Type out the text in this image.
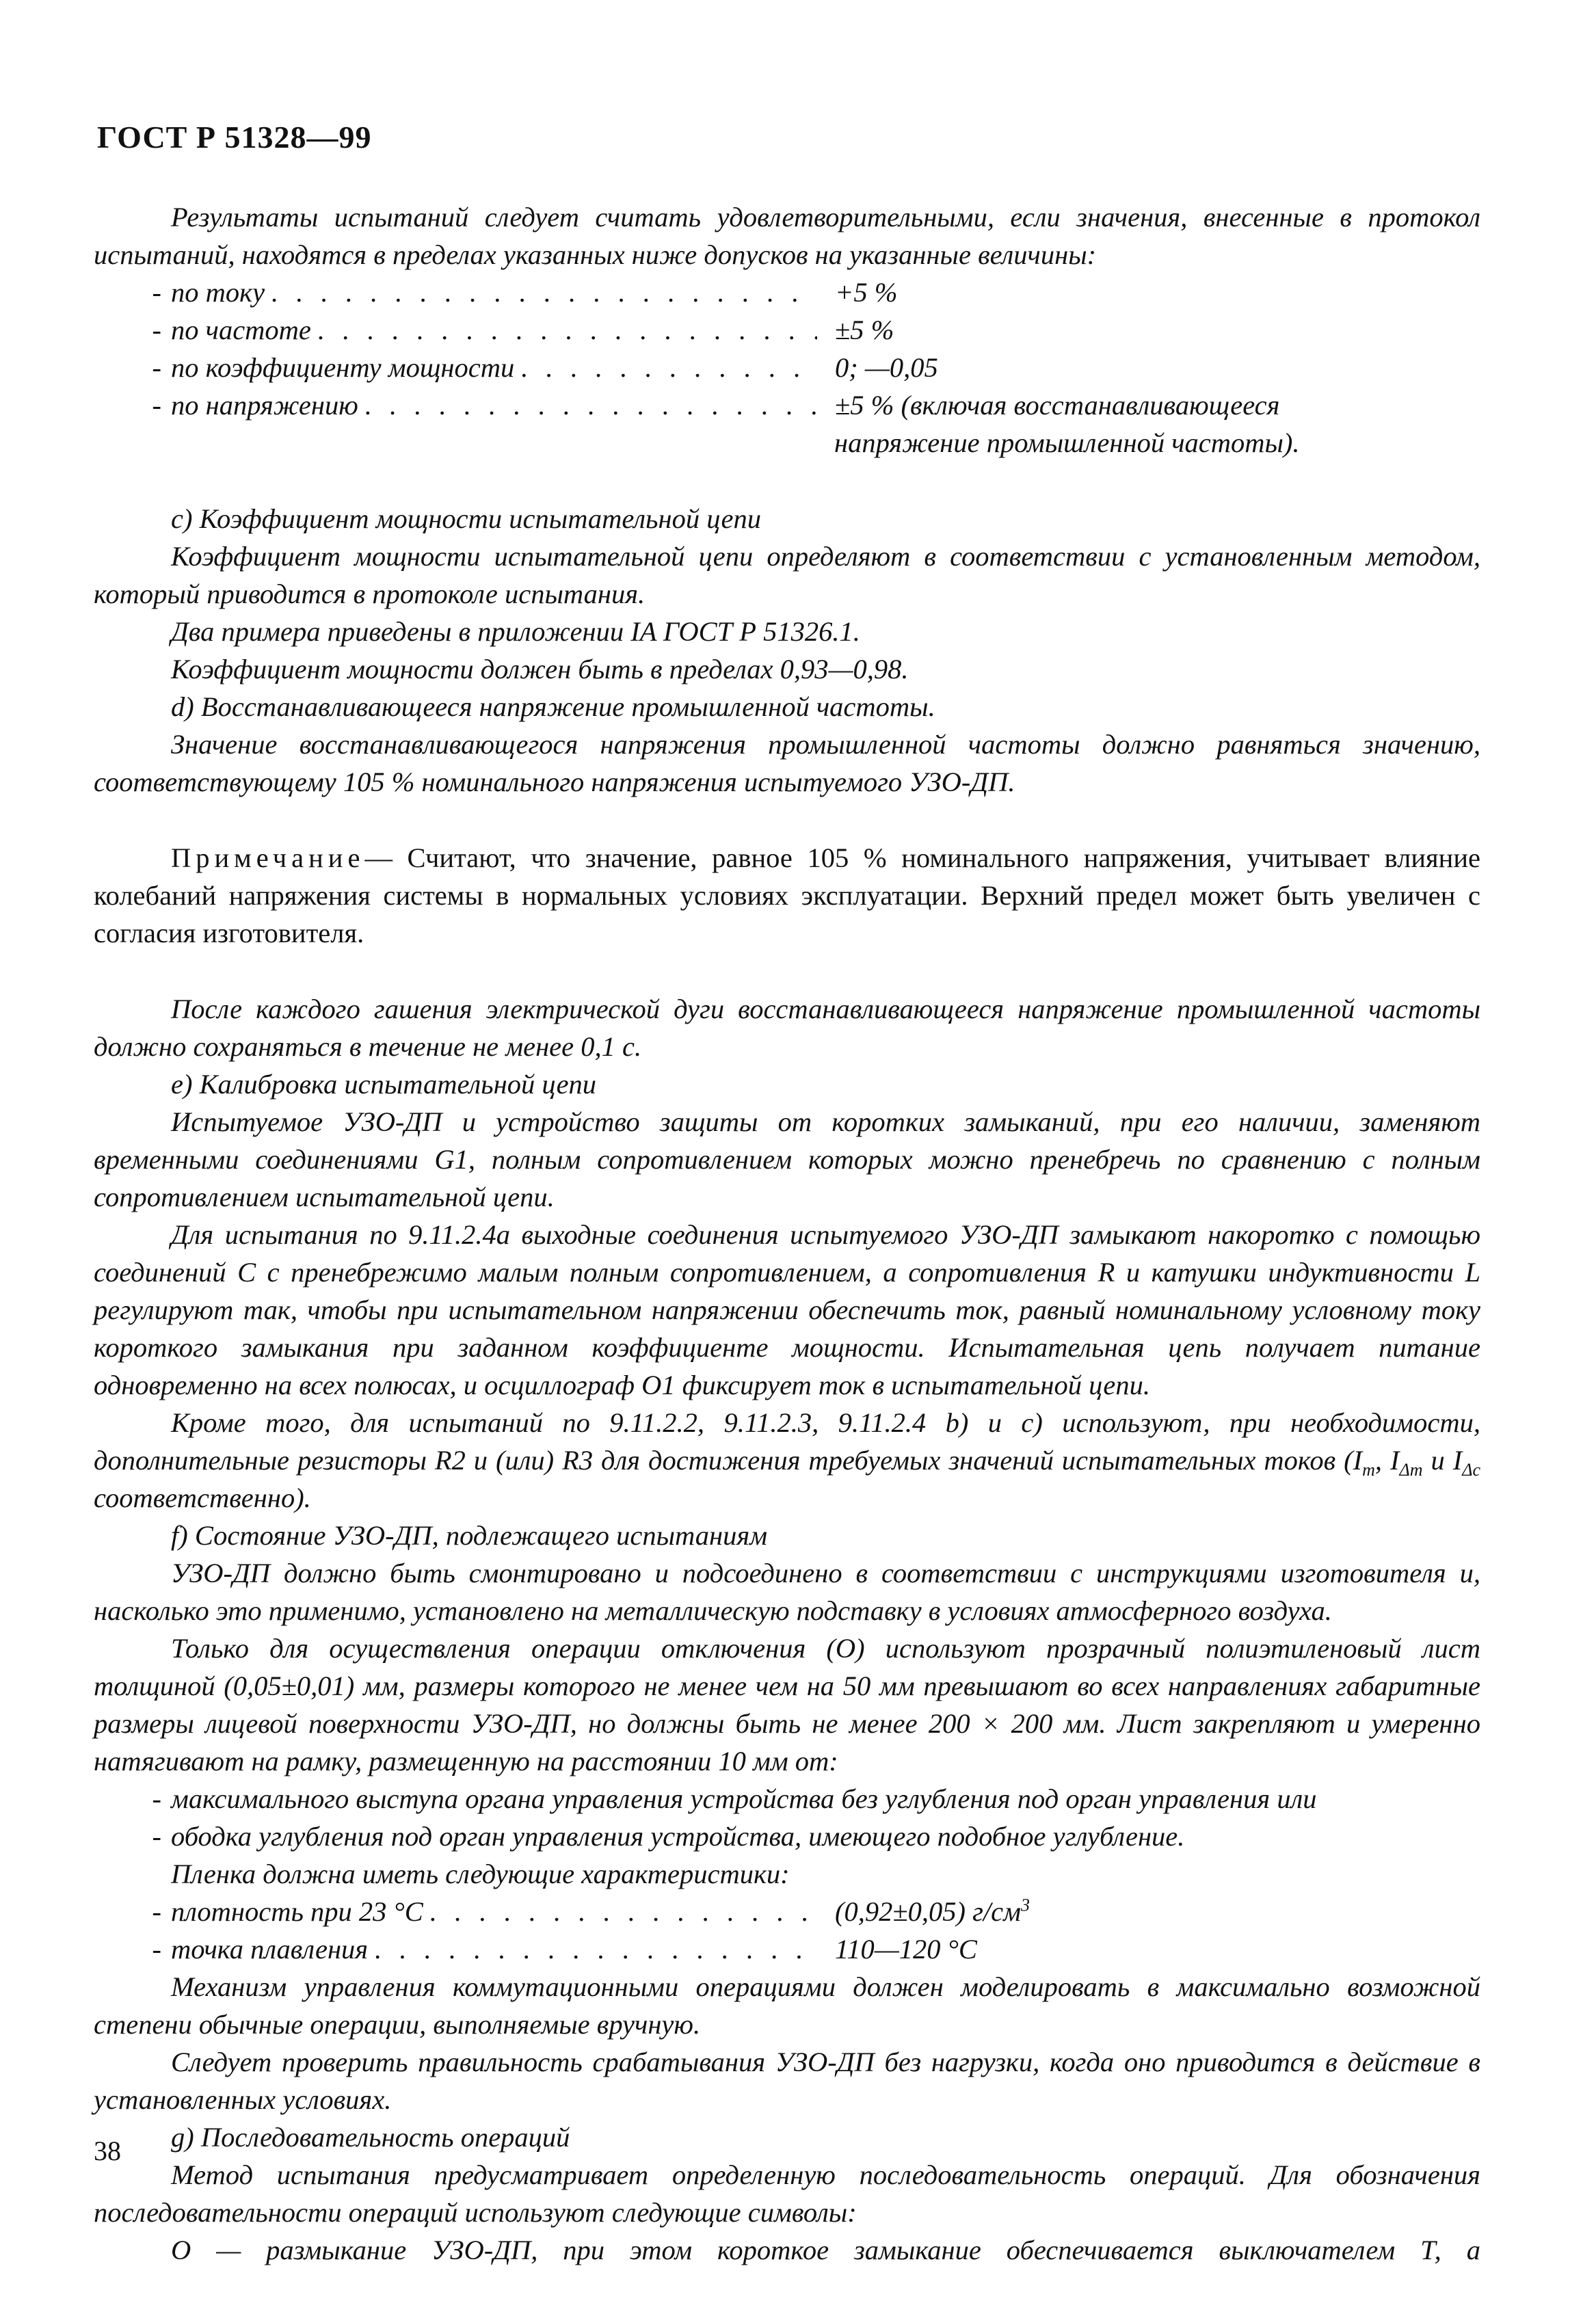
ГОСТ Р 51328—99

Результаты испытаний следует считать удовлетворительными, если значения, внесенные в протокол испытаний, находятся в пределах указанных ниже допусков на указанные величины:

- по току . . .	+5 %
- по частоте . . .	±5 %
- по коэффициенту мощности . . .	0; —0,05
- по напряжению . . .	±5 % (включая восстанавливающееся
напряжение промышленной частоты).

с) Коэффициент мощности испытательной цепи

Коэффициент мощности испытательной цепи определяют в соответствии с установленным методом, который приводится в протоколе испытания.

Два примера приведены в приложении IA ГОСТ Р 51326.1.

Коэффициент мощности должен быть в пределах 0,93—0,98.

d) Восстанавливающееся напряжение промышленной частоты.

Значение восстанавливающегося напряжения промышленной частоты должно равняться значению, соответствующему 105 % номинального напряжения испытуемого УЗО-ДП.

Примечание— Считают, что значение, равное 105 % номинального напряжения, учитывает влияние колебаний напряжения системы в нормальных условиях эксплуатации. Верхний предел может быть увеличен с согласия изготовителя.

После каждого гашения электрической дуги восстанавливающееся напряжение промышленной частоты должно сохраняться в течение не менее 0,1 с.

е) Калибровка испытательной цепи

Испытуемое УЗО-ДП и устройство защиты от коротких замыканий, при его наличии, заменяют временными соединениями G1, полным сопротивлением которых можно пренебречь по сравнению с полным сопротивлением испытательной цепи.

Для испытания по 9.11.2.4а выходные соединения испытуемого УЗО-ДП замыкают накоротко с помощью соединений С с пренебрежимо малым полным сопротивлением, а сопротивления R и катушки индуктивности L регулируют так, чтобы при испытательном напряжении обеспечить ток, равный номинальному условному току короткого замыкания при заданном коэффициенте мощности. Испытательная цепь получает питание одновременно на всех полюсах, и осциллограф О1 фиксирует ток в испытательной цепи.

Кроме того, для испытаний по 9.11.2.2, 9.11.2.3, 9.11.2.4 b) и с) используют, при необходимости, дополнительные резисторы R2 и (или) R3 для достижения требуемых значений испытательных токов ($I_m$, $I_{\Delta m}$ и $I_{\Delta с}$ соответственно).

f) Состояние УЗО-ДП, подлежащего испытаниям

УЗО-ДП должно быть смонтировано и подсоединено в соответствии с инструкциями изготовителя и, насколько это применимо, установлено на металлическую подставку в условиях атмосферного воздуха.

Только для осуществления операции отключения (О) используют прозрачный полиэтиленовый лист толщиной (0,05±0,01) мм, размеры которого не менее чем на 50 мм превышают во всех направлениях габаритные размеры лицевой поверхности УЗО-ДП, но должны быть не менее 200 × 200 мм. Лист закрепляют и умеренно натягивают на рамку, размещенную на расстоянии 10 мм от:

- максимального выступа органа управления устройства без углубления под орган управления или
- ободка углубления под орган управления устройства, имеющего подобное углубление.

Пленка должна иметь следующие характеристики:

- плотность при 23 °С . . .	(0,92±0,05) $г/см^3$
- точка плавления . . .	110—120 °С

Механизм управления коммутационными операциями должен моделировать в максимально возможной степени обычные операции, выполняемые вручную.

Следует проверить правильность срабатывания УЗО-ДП без нагрузки, когда оно приводится в действие в установленных условиях.

g) Последовательность операций

Метод испытания предусматривает определенную последовательность операций. Для обозначения последовательности операций используют следующие символы:

О — размыкание УЗО-ДП, при этом короткое замыкание обеспечивается выключателем Т, а

38
